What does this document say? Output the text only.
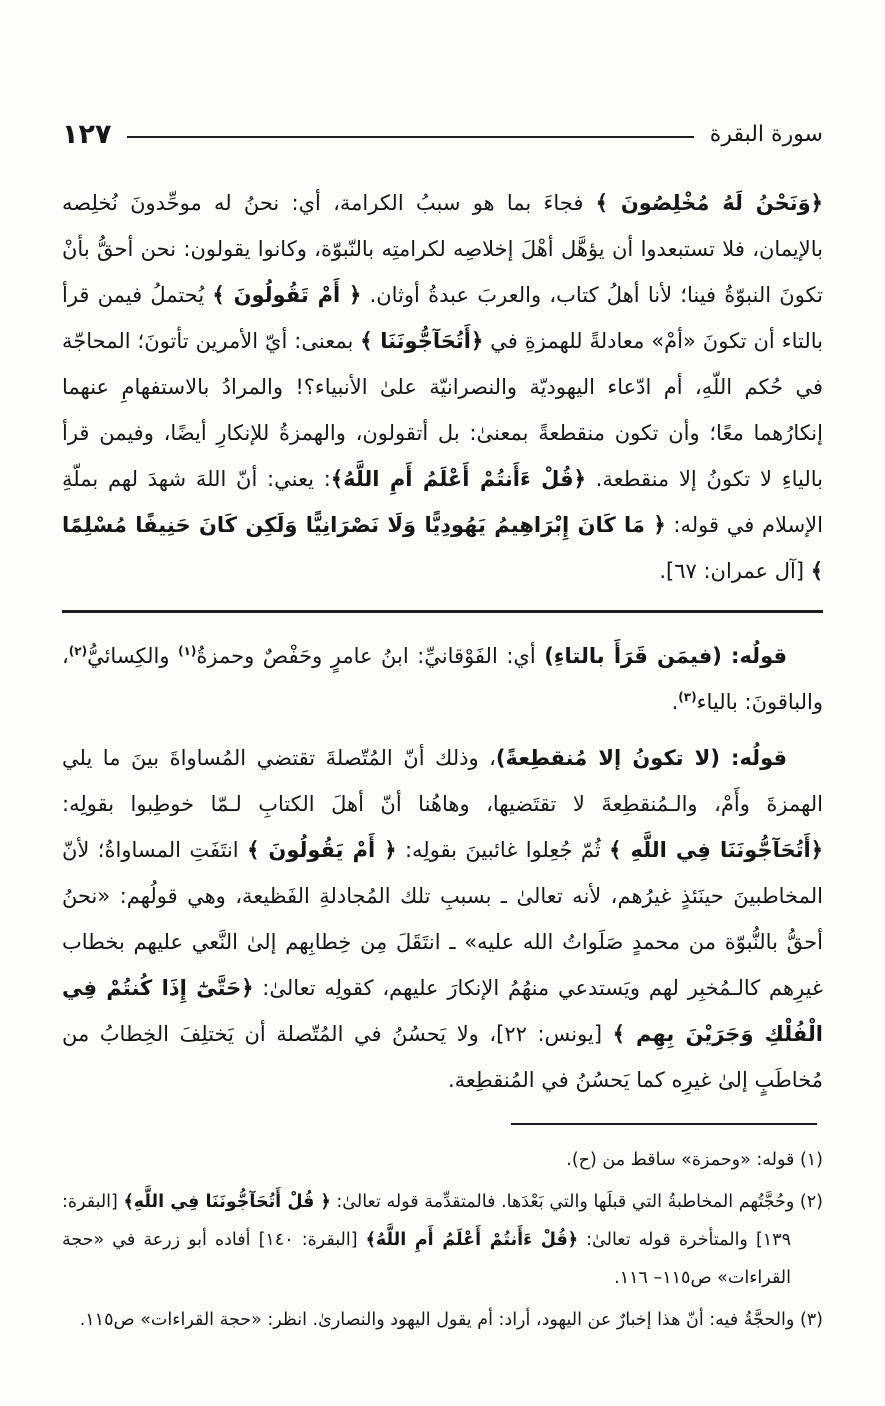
سورة البقرة
١٢٧
﴿وَنَحْنُ لَهُ مُخْلِصُونَ ﴾ فجاءَ بما هو سببُ الكرامة، أي: نحنُ له موحِّدونَ نُخلِصه بالإيمان، فلا تستبعدوا أن يؤهَّل أهْلَ إخلاصِه لكرامتِه بالنّبوّة، وكانوا يقولون: نحن أحقُّ بأنْ تكونَ النبوّةُ فينا؛ لأنا أهلُ كتاب، والعربَ عبدةُ أوثان. ﴿ أَمْ تَقُولُونَ ﴾ يُحتملُ فيمن قرأ بالتاء أن تكونَ «أمْ» معادلةً للهمزةِ في ﴿أَتُحَآجُّونَنَا ﴾ بمعنى: أيّ الأمرين تأتونَ؛ المحاجّة في حُكم اللّهِ، أم ادّعاء اليهوديّة والنصرانيّة علىٰ الأنبياء؟! والمرادُ بالاستفهامِ عنهما إنكارُهما معًا؛ وأن تكون منقطعةً بمعنىٰ: بل أتقولون، والهمزةُ للإنكارِ أيضًا، وفيمن قرأ بالياءِ لا تكونُ إلا منقطعة. ﴿قُلْ ءَأَنتُمْ أَعْلَمُ أَمِ اللَّهُ﴾: يعني: أنّ اللهَ شهدَ لهم بملّةِ الإسلام في قوله: ﴿ مَا كَانَ إِبْرَاهِيمُ يَهُودِيًّا وَلَا نَصْرَانِيًّا وَلَكِن كَانَ حَنِيفًا مُسْلِمًا ﴾ [آل عمران: ٦٧].

قولُه: (فيمَن قَرَأَ بالتاءِ) أي: الفَوْقانيِّ: ابنُ عامرٍ وحَفْصٌ وحمزةُ$^{(١)}$ والكِسائيُّ$^{(٢)}$، والباقونَ: بالياء$^{(٣)}$.

قولُه: (لا تكونُ إلا مُنقطِعةً)، وذلك أنّ المُتّصلةَ تقتضي المُساواةَ بينَ ما يلي الهمزةَ وأَمْ، والـمُنقطِعةَ لا تقتَضيها، وهاهُنا أنّ أهلَ الكتابِ لـمّا خوطِبوا بقولِه: ﴿أَتُحَآجُّونَنَا فِي اللَّهِ ﴾ ثُمّ جُعِلوا غائبينَ بقولِه: ﴿ أَمْ يَقُولُونَ ﴾ انتَفَتِ المساواةُ؛ لأنّ المخاطبينَ حينَئذٍ غيرُهم، لأنه تعالىٰ ـ بسببِ تلك المُجادلةِ الفَظيعة، وهي قولُهم: «نحنُ أحقُّ بالنُّبوّة من محمدٍ صَلَواتُ الله عليه» ـ انتَقَلَ مِن خِطابِهم إلىٰ النَّعي عليهم بخطاب غيرِهم كالـمُخبِر لهم ويَستدعي منهُمُ الإنكارَ عليهم، كقولِه تعالىٰ: ﴿حَتَّىٰٓ إِذَا كُنتُمْ فِي الْفُلْكِ وَجَرَيْنَ بِهِم ﴾ [يونس: ٢٢]، ولا يَحسُنُ في المُتّصلة أن يَختلِفَ الخِطابُ من مُخاطَبٍ إلىٰ غيرِه كما يَحسُنُ في المُنقطِعة.

(١) قوله: «وحمزة» ساقط من (ح).
(٢) وحُجَّتُهم المخاطبةُ التي قبلَها والتي بَعْدَها. فالمتقدِّمة قوله تعالىٰ: ﴿ قُلْ أَتُحَآجُّونَنَا فِي اللَّهِ﴾ [البقرة: ١٣٩] والمتأخرة قوله تعالىٰ: ﴿قُلْ ءَأَنتُمْ أَعْلَمُ أَمِ اللَّهُ﴾ [البقرة: ١٤٠] أفاده أبو زرعة في «حجة القراءات» ص١١٥– ١١٦.
(٣) والحجَّةُ فيه: أنّ هذا إخبارٌ عن اليهود، أراد: أم يقول اليهود والنصارىٰ. انظر: «حجة القراءات» ص١١٥.
